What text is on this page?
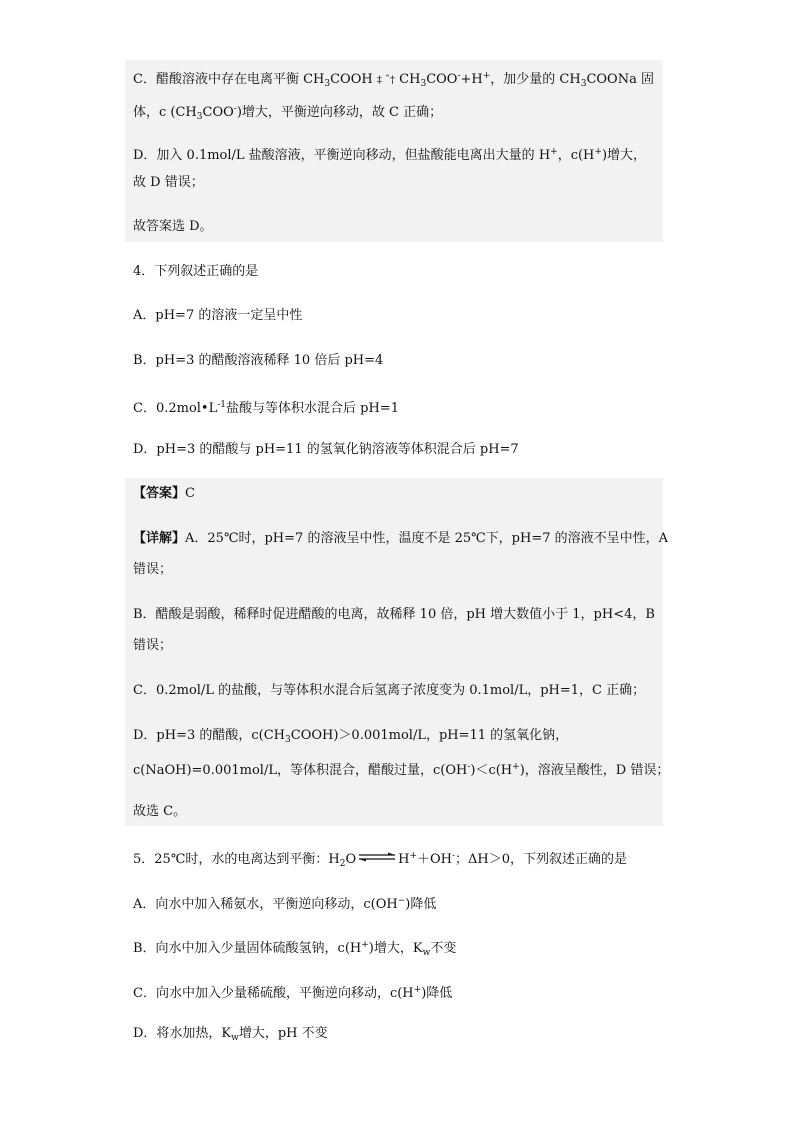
C．醋酸溶液中存在电离平衡 $CH_3COOH$ ‡ ˆ† $CH_3COO^-+H^+$，加少量的 $CH_3COONa$ 固
体，c $(CH_3COO^-)$增大，平衡逆向移动，故 C 正确；
D．加入 0.1mol/L 盐酸溶液，平衡逆向移动，但盐酸能电离出大量的 H+，c(H+)增大，
故 D 错误；
故答案选 D。
4．下列叙述正确的是
A．pH=7 的溶液一定呈中性
B．pH=3 的醋酸溶液稀释 10 倍后 pH=4
C．$0.2mol•L^{-1}$盐酸与等体积水混合后 pH=1
D．pH=3 的醋酸与 pH=11 的氢氧化钠溶液等体积混合后 pH=7
【答案】C
【详解】A．25℃时，pH=7 的溶液呈中性，温度不是 25℃下，pH=7 的溶液不呈中性，A
错误；
B．醋酸是弱酸，稀释时促进醋酸的电离，故稀释 10 倍，pH 增大数值小于 1，pH<4，B
错误；
C．0.2mol/L 的盐酸，与等体积水混合后氢离子浓度变为 0.1mol/L，pH=1，C 正确；
D．pH=3 的醋酸，$c(CH_3COOH)>0.001mol/L$，pH=11 的氢氧化钠，
c(NaOH)=0.001mol/L，等体积混合，醋酸过量，c(OH-)＜c(H+)，溶液呈酸性，D 错误；
故选 C。
5．25℃时，水的电离达到平衡：$H_2O\rightleftharpoons H^++OH^-$；ΔH＞0，下列叙述正确的是
A．向水中加入稀氨水，平衡逆向移动，c(OH−)降低
B．向水中加入少量固体硫酸氢钠，c(H+)增大，$K_w$不变
C．向水中加入少量稀硫酸，平衡逆向移动，c(H+)降低
D．将水加热，$K_w$增大，pH 不变
